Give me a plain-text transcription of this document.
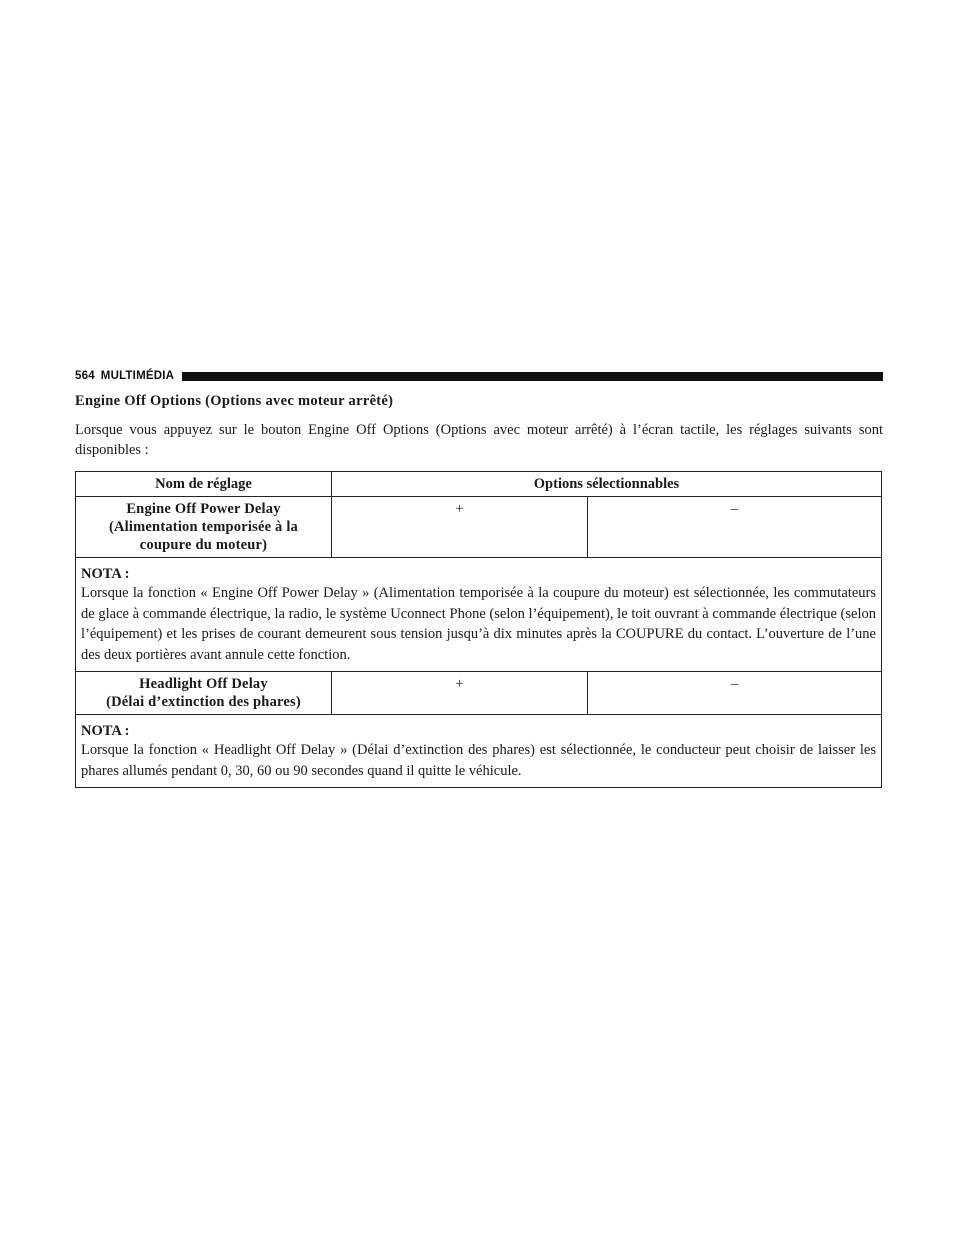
564 MULTIMÉDIA
Engine Off Options (Options avec moteur arrêté)

Lorsque vous appuyez sur le bouton Engine Off Options (Options avec moteur arrêté) à l’écran tactile, les réglages suivants sont disponibles :

Nom de réglage	Options sélectionnables	

Engine Off Power Delay
(Alimentation temporisée à la
coupure du moteur)	+	–

NOTA :
Lorsque la fonction « Engine Off Power Delay » (Alimentation temporisée à la coupure du moteur) est sélectionnée, les commutateurs de glace à commande électrique, la radio, le système Uconnect Phone (selon l’équipement), le toit ouvrant à commande électrique (selon l’équipement) et les prises de courant demeurent sous tension jusqu’à dix minutes après la COUPURE du contact. L’ouverture de l’une des deux portières avant annule cette fonction.		

Headlight Off Delay
(Délai d’extinction des phares)	+	–

NOTA :
Lorsque la fonction « Headlight Off Delay » (Délai d’extinction des phares) est sélectionnée, le conducteur peut choisir de laisser les phares allumés pendant 0, 30, 60 ou 90 secondes quand il quitte le véhicule.		
